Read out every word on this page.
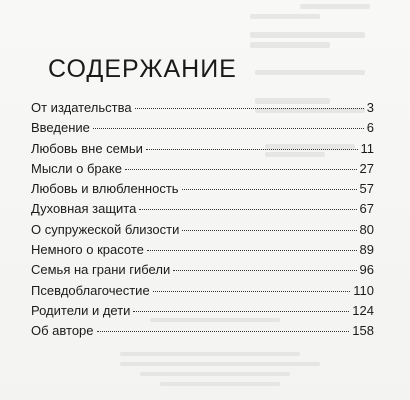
СОДЕРЖАНИЕ
От издательства	3
Введение	6
Любовь вне семьи	11
Мысли о браке	27
Любовь и влюбленность	57
Духовная защита	67
О супружеской близости	80
Немного о красоте	89
Семья на грани гибели	96
Псевдоблагочестие	110
Родители и дети	124
Об авторе	158
